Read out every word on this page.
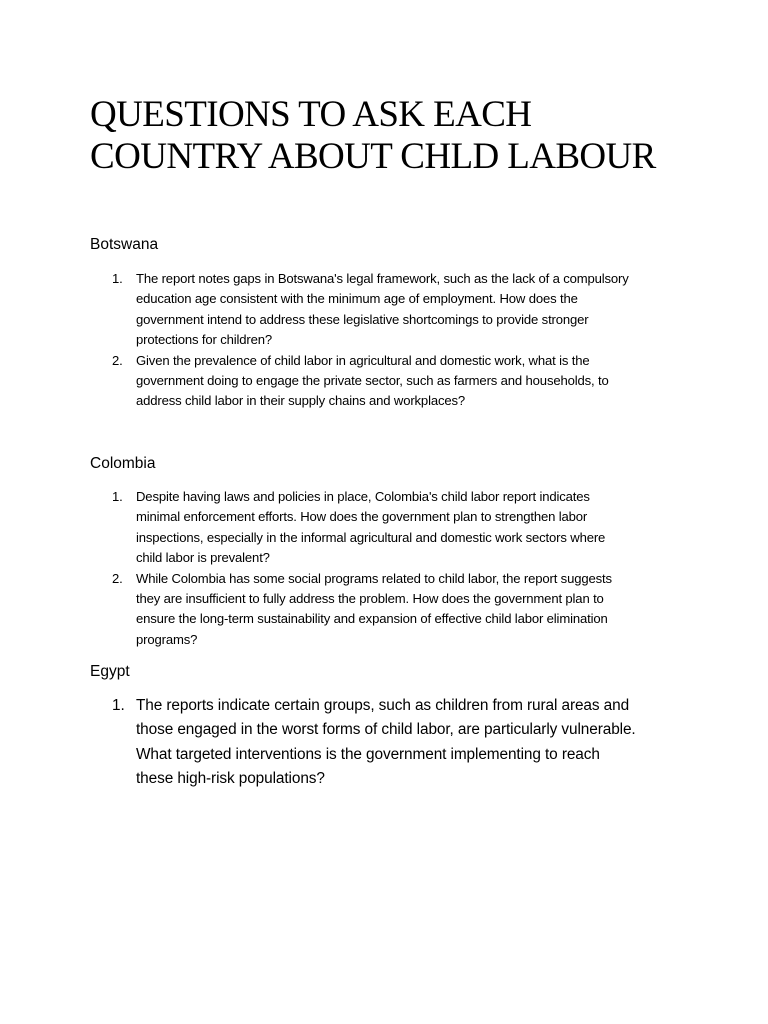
QUESTIONS TO ASK EACH
COUNTRY ABOUT CHLD LABOUR
Botswana
1. The report notes gaps in Botswana's legal framework, such as the lack of a compulsory
education age consistent with the minimum age of employment. How does the
government intend to address these legislative shortcomings to provide stronger
protections for children?
2. Given the prevalence of child labor in agricultural and domestic work, what is the
government doing to engage the private sector, such as farmers and households, to
address child labor in their supply chains and workplaces?
Colombia
1. Despite having laws and policies in place, Colombia's child labor report indicates
minimal enforcement efforts. How does the government plan to strengthen labor
inspections, especially in the informal agricultural and domestic work sectors where
child labor is prevalent?
2. While Colombia has some social programs related to child labor, the report suggests
they are insufficient to fully address the problem. How does the government plan to
ensure the long-term sustainability and expansion of effective child labor elimination
programs?
Egypt
1. The reports indicate certain groups, such as children from rural areas and
those engaged in the worst forms of child labor, are particularly vulnerable.
What targeted interventions is the government implementing to reach
these high-risk populations?
